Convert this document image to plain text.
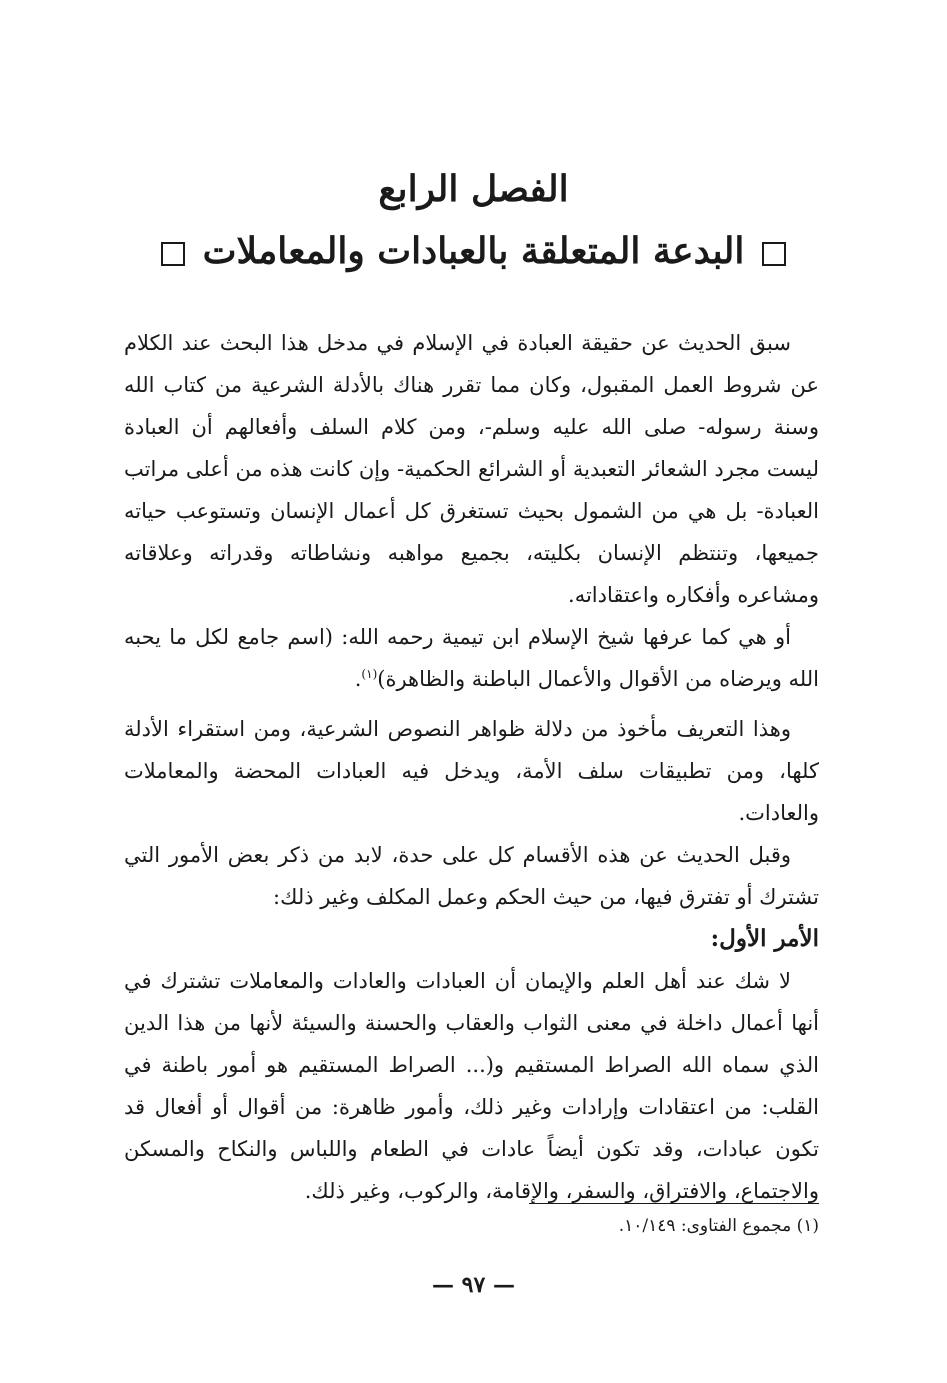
الفصل الرابع
البدعة المتعلقة بالعبادات والمعاملات

سبق الحديث عن حقيقة العبادة في الإسلام في مدخل هذا البحث عند الكلام عن شروط العمل المقبول، وكان مما تقرر هناك بالأدلة الشرعية من كتاب الله وسنة رسوله- صلى الله عليه وسلم-، ومن كلام السلف وأفعالهم أن العبادة ليست مجرد الشعائر التعبدية أو الشرائع الحكمية- وإن كانت هذه من أعلى مراتب العبادة- بل هي من الشمول بحيث تستغرق كل أعمال الإنسان وتستوعب حياته جميعها، وتنتظم الإنسان بكليته، بجميع مواهبه ونشاطاته وقدراته وعلاقاته ومشاعره وأفكاره واعتقاداته.

أو هي كما عرفها شيخ الإسلام ابن تيمية رحمه الله: (اسم جامع لكل ما يحبه الله ويرضاه من الأقوال والأعمال الباطنة والظاهرة)$^{(١)}$.

وهذا التعريف مأخوذ من دلالة ظواهر النصوص الشرعية، ومن استقراء الأدلة كلها، ومن تطبيقات سلف الأمة، ويدخل فيه العبادات المحضة والمعاملات والعادات.

وقبل الحديث عن هذه الأقسام كل على حدة، لابد من ذكر بعض الأمور التي تشترك أو تفترق فيها، من حيث الحكم وعمل المكلف وغير ذلك:

الأمر الأول:

لا شك عند أهل العلم والإيمان أن العبادات والعادات والمعاملات تشترك في أنها أعمال داخلة في معنى الثواب والعقاب والحسنة والسيئة لأنها من هذا الدين الذي سماه الله الصراط المستقيم و(... الصراط المستقيم هو أمور باطنة في القلب: من اعتقادات وإرادات وغير ذلك، وأمور ظاهرة: من أقوال أو أفعال قد تكون عبادات، وقد تكون أيضاً عادات في الطعام واللباس والنكاح والمسكن والاجتماع، والافتراق، والسفر، والإقامة، والركوب، وغير ذلك.

(١) مجموع الفتاوى: ١٠/١٤٩.

— ٩٧ —
